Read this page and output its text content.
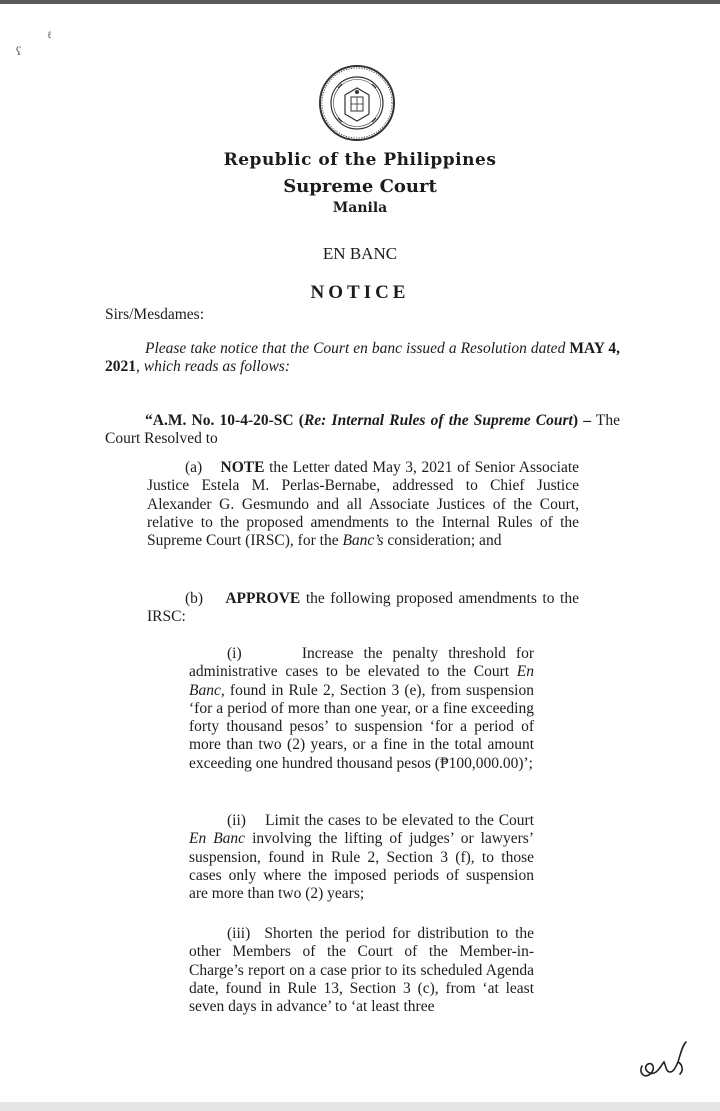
ℓ
ʕ
Republic of the Philippines
Supreme Court
Manila
EN BANC
NOTICE
Sirs/Mesdames:
Please take notice that the Court en banc issued a Resolution dated MAY 4, 2021, which reads as follows:
“A.M. No. 10-4-20-SC (Re: Internal Rules of the Supreme Court) – The Court Resolved to
(a) NOTE the Letter dated May 3, 2021 of Senior Associate Justice Estela M. Perlas-Bernabe, addressed to Chief Justice Alexander G. Gesmundo and all Associate Justices of the Court, relative to the proposed amendments to the Internal Rules of the Supreme Court (IRSC), for the Banc’s consideration; and
(b) APPROVE the following proposed amendments to the IRSC:
(i)	Increase the penalty threshold for administrative cases to be elevated to the Court En Banc, found in Rule 2, Section 3 (e), from suspension ‘for a period of more than one year, or a fine exceeding forty thousand pesos’ to suspension ‘for a period of more than two (2) years, or a fine in the total amount exceeding one hundred thousand pesos (₱100,000.00)’;
(ii) Limit the cases to be elevated to the Court En Banc involving the lifting of judges’ or lawyers’ suspension, found in Rule 2, Section 3 (f), to those cases only where the imposed periods of suspension are more than two (2) years;
(iii) Shorten the period for distribution to the other Members of the Court of the Member-in-Charge’s report on a case prior to its scheduled Agenda date, found in Rule 13, Section 3 (c), from ‘at least seven days in advance’ to ‘at least three
